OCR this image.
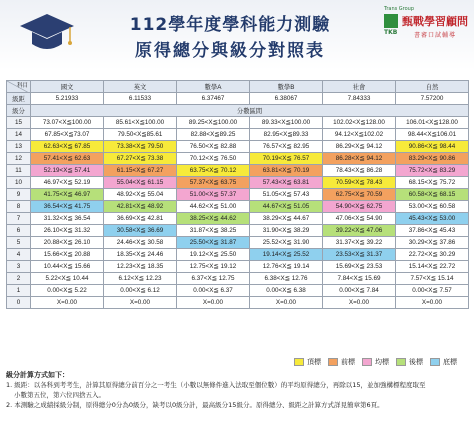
112學年度學科能力測驗
原得總分與級分對照表
Trans Group
TKB
甄戰學習顧問
書審口試輔導
科目	國文	英文	數學A	數學B	社會	自然
級距	5.21933	6.11533	6.37467	6.38067	7.84333	7.57200
級分	分數區間					
15	73.07<X≦100.00	85.61<X≦100.00	89.25<X≦100.00	89.33<X≦100.00	102.02<X≦128.00	106.01<X≦128.00
14	67.85<X≦73.07	79.50<X≦85.61	82.88<X≦89.25	82.95<X≦89.33	94.12<X≦102.02	98.44<X≦106.01
13	62.63<X≦ 67.85	73.38<X≦ 79.50	76.50<X≦ 82.88	76.57<X≦ 82.95	86.29<X≦ 94.12	90.86<X≦ 98.44
12	57.41<X≦ 62.63	67.27<X≦ 73.38	70.12<X≦ 76.50	70.19<X≦ 76.57	86.28<X≦ 94.12	83.29<X≦ 90.86
11	52.19<X≦ 57.41	61.15<X≦ 67.27	63.75<X≦ 70.12	63.81<X≦ 70.19	78.43<X≦ 86.28	75.72<X≦ 83.29
10	46.97<X≦ 52.19	55.04<X≦ 61.15	57.37<X≦ 63.75	57.43<X≦ 63.81	70.59<X≦ 78.43	68.15<X≦ 75.72
9	41.75<X≦ 46.97	48.92<X≦ 55.04	51.00<X≦ 57.37	51.05<X≦ 57.43	62.75<X≦ 70.59	60.58<X≦ 68.15
8	36.54<X≦ 41.75	42.81<X≦ 48.92	44.62<X≦ 51.00	44.67<X≦ 51.05	54.90<X≦ 62.75	53.00<X≦ 60.58
7	31.32<X≦ 36.54	36.69<X≦ 42.81	38.25<X≦ 44.62	38.29<X≦ 44.67	47.06<X≦ 54.90	45.43<X≦ 53.00
6	26.10<X≦ 31.32	30.58<X≦ 36.69	31.87<X≦ 38.25	31.90<X≦ 38.29	39.22<X≦ 47.06	37.86<X≦ 45.43
5	20.88<X≦ 26.10	24.46<X≦ 30.58	25.50<X≦ 31.87	25.52<X≦ 31.90	31.37<X≦ 39.22	30.29<X≦ 37.86
4	15.66<X≦ 20.88	18.35<X≦ 24.46	19.12<X≦ 25.50	19.14<X≦ 25.52	23.53<X≦ 31.37	22.72<X≦ 30.29
3	10.44<X≦ 15.66	12.23<X≦ 18.35	12.75<X≦ 19.12	12.76<X≦ 19.14	15.69<X≦ 23.53	15.14<X≦ 22.72
2	5.22<X≦ 10.44	6.12<X≦ 12.23	6.37<X≦ 12.75	6.38<X≦ 12.76	7.84<X≦ 15.69	7.57<X≦ 15.14
1	0.00<X≦ 5.22	0.00<X≦ 6.12	0.00<X≦ 6.37	0.00<X≦ 6.38	0.00<X≦ 7.84	0.00<X≦ 7.57
0	X=0.00	X=0.00	X=0.00	X=0.00	X=0.00	X=0.00
頂標	前標	均標	後標	底標
級分計算方式如下：
1. 級距：以各科到考考生，計算其原得總分前百分之一考生（小數以無條件進入法取至個位數）的平均原得總分，再除以15，並加強構標程度取至
小數第五位，第六位四捨五入。
2. 本測驗之成績採級分制，原得總分0分為0級分，缺考以0級分計，最高級分15級分。原得總分、級距之計算方式詳見簡章第6頁。
